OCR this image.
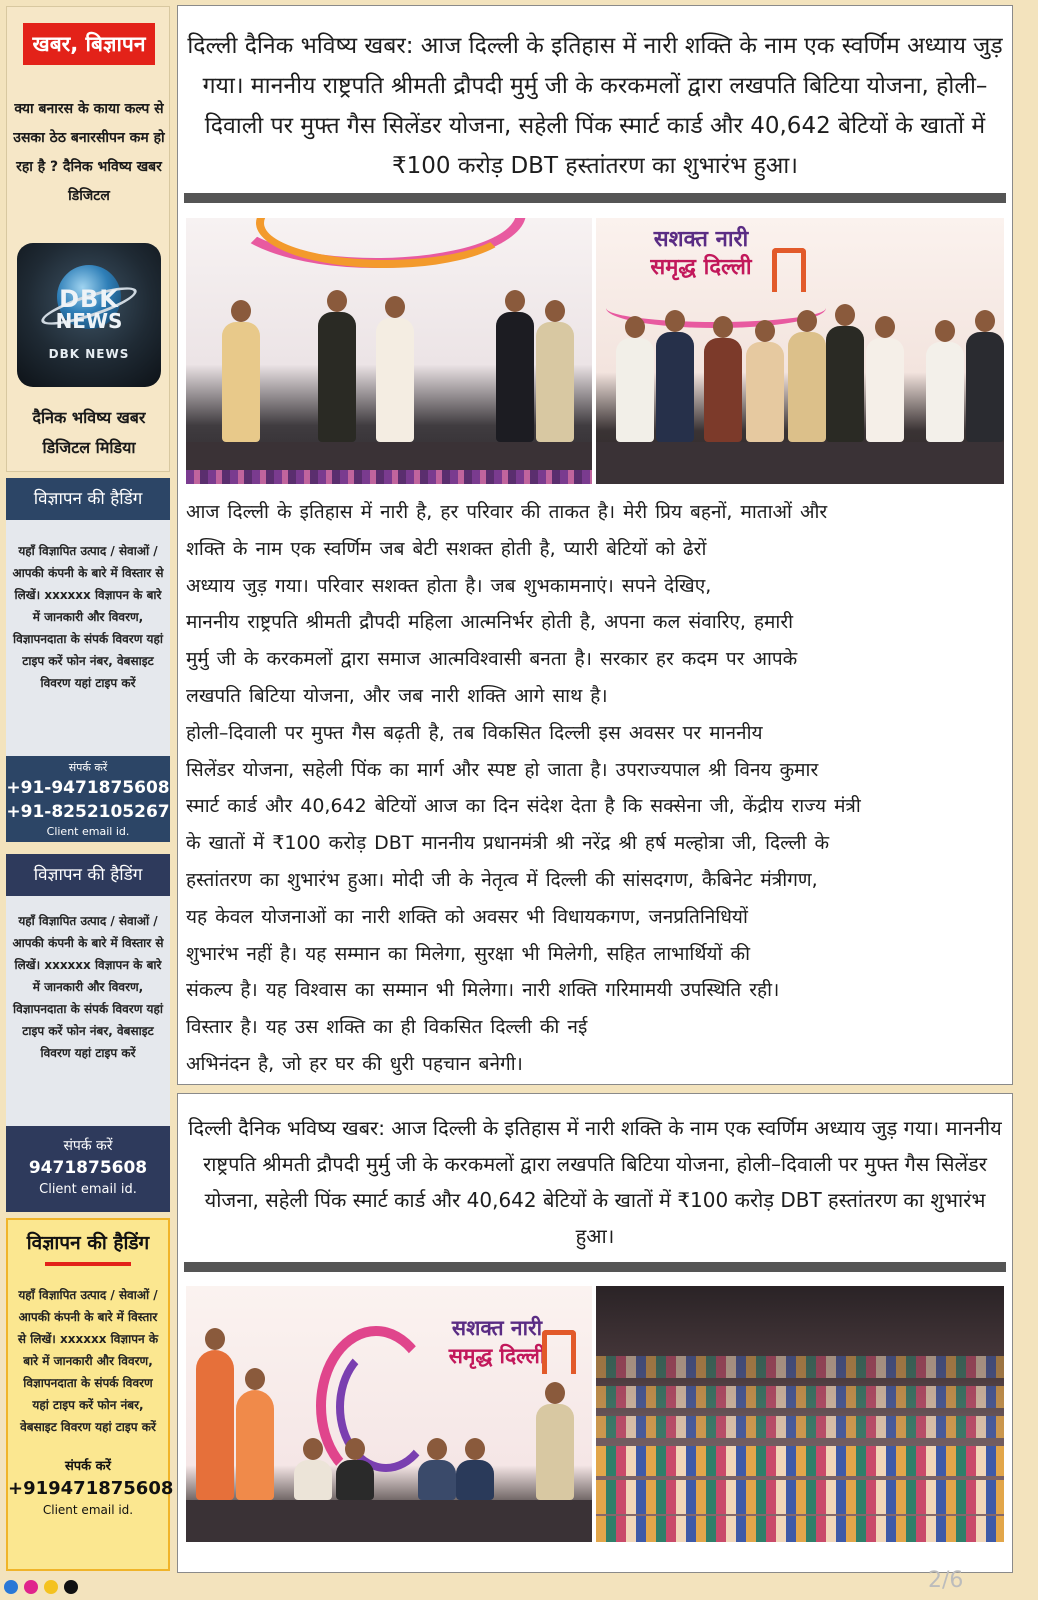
खबर, बिज्ञापन
क्या बनारस के काया कल्प से उसका ठेठ बनारसीपन कम हो रहा है ? दैनिक भविष्य खबर डिजिटल
DBK
NEWS
DBK NEWS
दैनिक भविष्य खबर डिजिटल मिडिया
विज्ञापन की हैडिंग
यहाँ विज्ञापित उत्पाद / सेवाओं / आपकी कंपनी के बारे में विस्तार से लिखें। xxxxxx विज्ञापन के बारे में जानकारी और विवरण, विज्ञापनदाता के संपर्क विवरण यहां टाइप करें फोन नंबर, वेबसाइट विवरण यहां टाइप करें
संपर्क करें
+91-9471875608
+91-8252105267
Client email id.
विज्ञापन की हैडिंग
यहाँ विज्ञापित उत्पाद / सेवाओं / आपकी कंपनी के बारे में विस्तार से लिखें। xxxxxx विज्ञापन के बारे में जानकारी और विवरण, विज्ञापनदाता के संपर्क विवरण यहां टाइप करें फोन नंबर, वेबसाइट विवरण यहां टाइप करें
संपर्क करें
9471875608
Client email id.
विज्ञापन की हैडिंग
यहाँ विज्ञापित उत्पाद / सेवाओं / आपकी कंपनी के बारे में विस्तार से लिखें। xxxxxx विज्ञापन के बारे में जानकारी और विवरण, विज्ञापनदाता के संपर्क विवरण यहां टाइप करें फोन नंबर, वेबसाइट विवरण यहां टाइप करें
संपर्क करें
+919471875608
Client email id.
दिल्ली दैनिक भविष्य खबर: आज दिल्ली के इतिहास में नारी शक्ति के नाम एक स्वर्णिम अध्याय जुड़ गया। माननीय राष्ट्रपति श्रीमती द्रौपदी मुर्मु जी के करकमलों द्वारा लखपति बिटिया योजना, होली–दिवाली पर मुफ्त गैस सिलेंडर योजना, सहेली पिंक स्मार्ट कार्ड और 40,642 बेटियों के खातों में ₹100 करोड़ DBT हस्तांतरण का शुभारंभ हुआ।
सशक्त नारी
समृद्ध दिल्ली
आज दिल्ली के इतिहास में नारी है, हर परिवार की ताकत है। मेरी प्रिय बहनों, माताओं और
शक्ति के नाम एक स्वर्णिम जब बेटी सशक्त होती है, प्यारी बेटियों को ढेरों
अध्याय जुड़ गया। परिवार सशक्त होता है। जब शुभकामनाएं। सपने देखिए,
माननीय राष्ट्रपति श्रीमती द्रौपदी महिला आत्मनिर्भर होती है, अपना कल संवारिए, हमारी
मुर्मु जी के करकमलों द्वारा समाज आत्मविश्वासी बनता है। सरकार हर कदम पर आपके
लखपति बिटिया योजना, और जब नारी शक्ति आगे साथ है।
होली–दिवाली पर मुफ्त गैस बढ़ती है, तब विकसित दिल्ली इस अवसर पर माननीय
सिलेंडर योजना, सहेली पिंक का मार्ग और स्पष्ट हो जाता है। उपराज्यपाल श्री विनय कुमार
स्मार्ट कार्ड और 40,642 बेटियों आज का दिन संदेश देता है कि सक्सेना जी, केंद्रीय राज्य मंत्री
के खातों में ₹100 करोड़ DBT माननीय प्रधानमंत्री श्री नरेंद्र श्री हर्ष मल्होत्रा जी, दिल्ली के
हस्तांतरण का शुभारंभ हुआ। मोदी जी के नेतृत्व में दिल्ली की सांसदगण, कैबिनेट मंत्रीगण,
यह केवल योजनाओं का नारी शक्ति को अवसर भी विधायकगण, जनप्रतिनिधियों
शुभारंभ नहीं है। यह सम्मान का मिलेगा, सुरक्षा भी मिलेगी, सहित लाभार्थियों की
संकल्प है। यह विश्वास का सम्मान भी मिलेगा। नारी शक्ति गरिमामयी उपस्थिति रही।
विस्तार है। यह उस शक्ति का ही विकसित दिल्ली की नई
अभिनंदन है, जो हर घर की धुरी पहचान बनेगी।
दिल्ली दैनिक भविष्य खबर: आज दिल्ली के इतिहास में नारी शक्ति के नाम एक स्वर्णिम अध्याय जुड़ गया। माननीय राष्ट्रपति श्रीमती द्रौपदी मुर्मु जी के करकमलों द्वारा लखपति बिटिया योजना, होली–दिवाली पर मुफ्त गैस सिलेंडर योजना, सहेली पिंक स्मार्ट कार्ड और 40,642 बेटियों के खातों में ₹100 करोड़ DBT हस्तांतरण का शुभारंभ हुआ।
सशक्त नारी
समृद्ध दिल्ली
2/6
